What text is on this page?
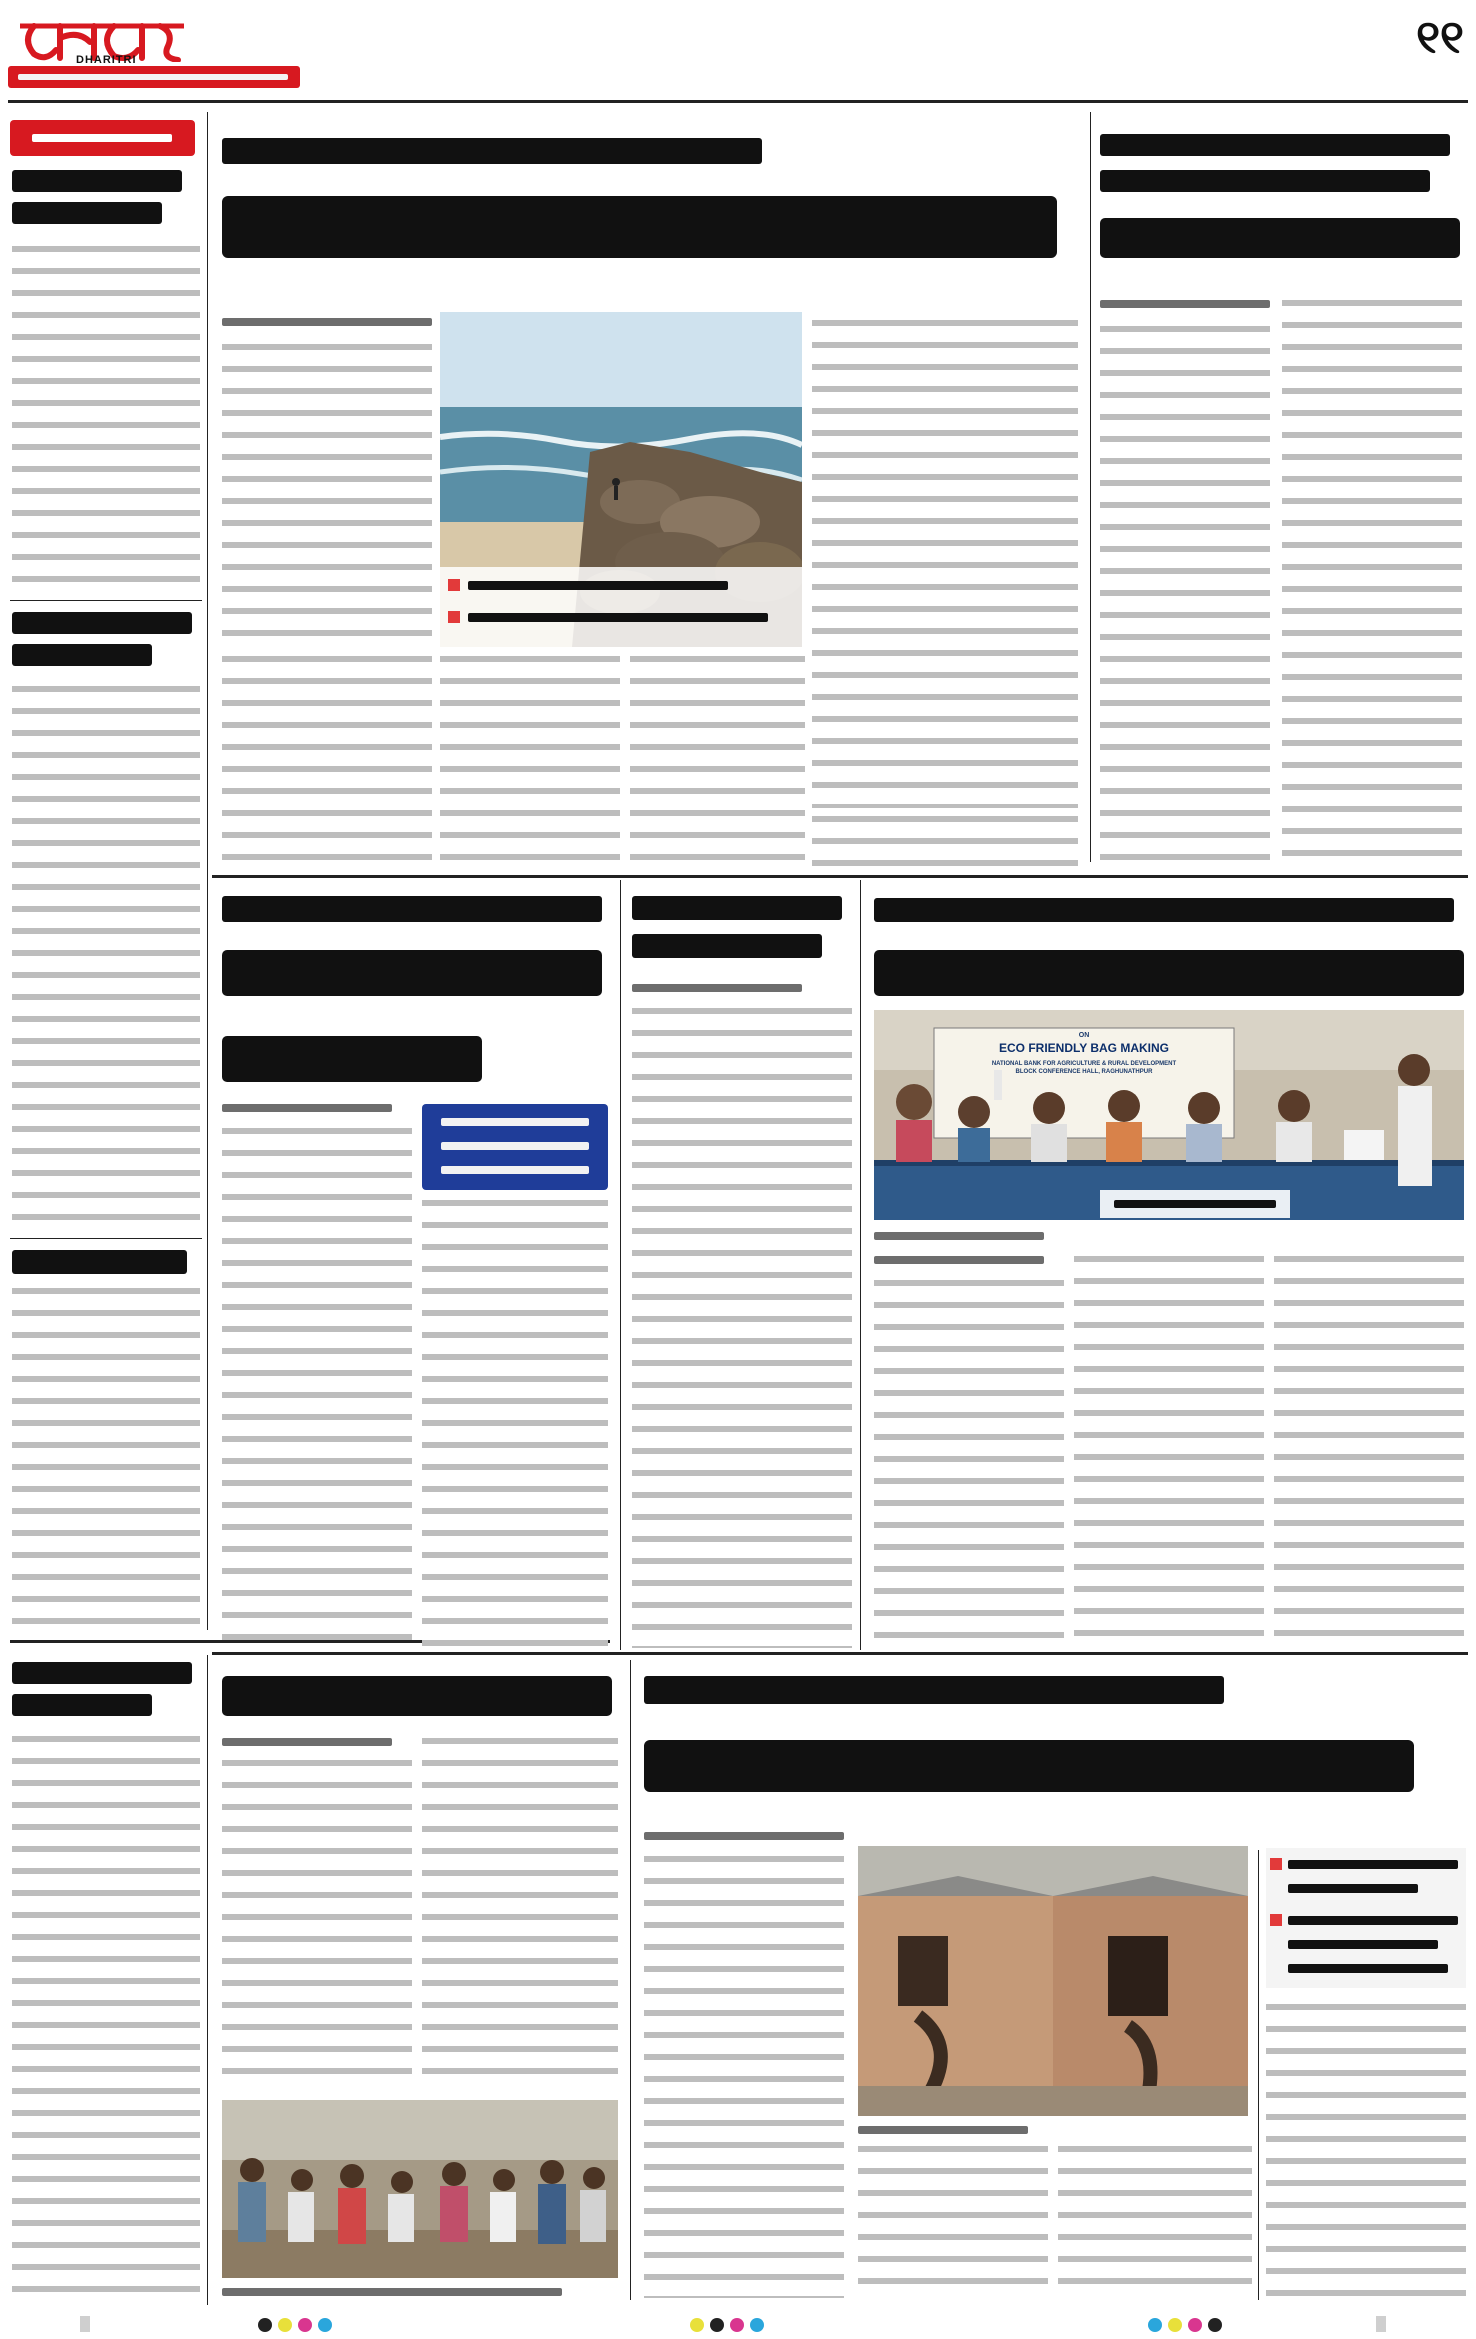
DHARITRI	୧୧
ON
ECO FRIENDLY BAG MAKING
NATIONAL BANK FOR AGRICULTURE & RURAL DEVELOPMENT
BLOCK CONFERENCE HALL, RAGHUNATHPUR
